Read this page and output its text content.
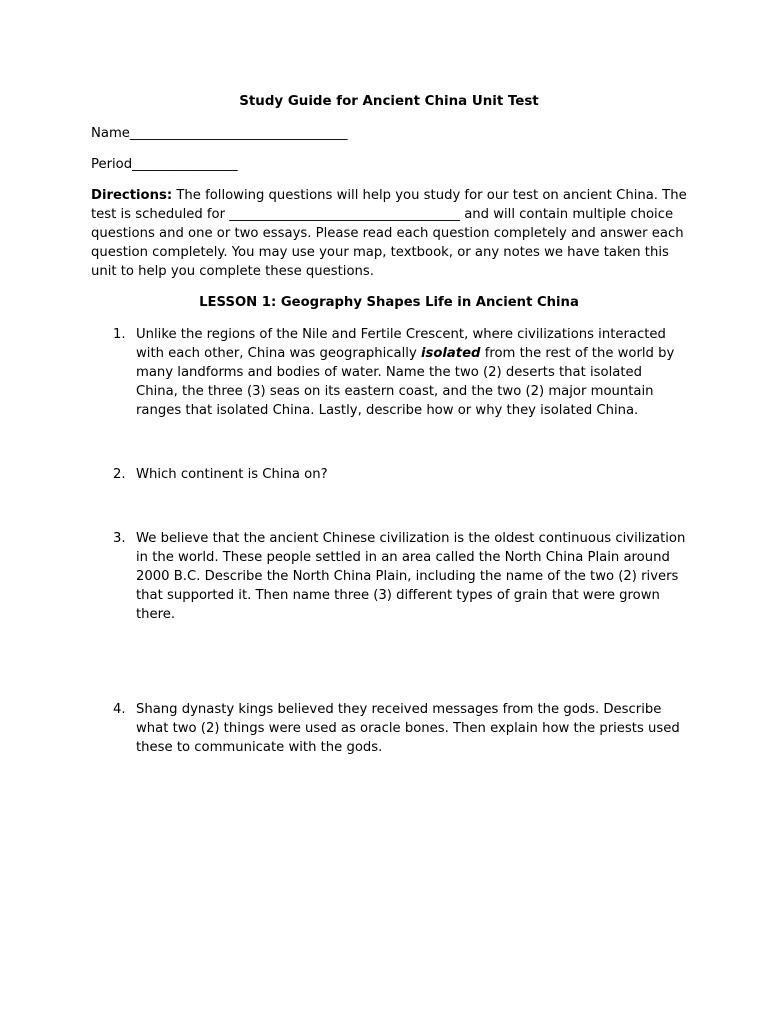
Study Guide for Ancient China Unit Test
Name_________________________________
Period________________
Directions: The following questions will help you study for our test on ancient China. The test is scheduled for ___________________________________ and will contain multiple choice questions and one or two essays. Please read each question completely and answer each question completely. You may use your map, textbook, or any notes we have taken this unit to help you complete these questions.
LESSON 1: Geography Shapes Life in Ancient China
1. Unlike the regions of the Nile and Fertile Crescent, where civilizations interacted with each other, China was geographically isolated from the rest of the world by many landforms and bodies of water. Name the two (2) deserts that isolated China, the three (3) seas on its eastern coast, and the two (2) major mountain ranges that isolated China. Lastly, describe how or why they isolated China.
2. Which continent is China on?
3. We believe that the ancient Chinese civilization is the oldest continuous civilization in the world. These people settled in an area called the North China Plain around 2000 B.C. Describe the North China Plain, including the name of the two (2) rivers that supported it. Then name three (3) different types of grain that were grown there.
4. Shang dynasty kings believed they received messages from the gods. Describe what two (2) things were used as oracle bones. Then explain how the priests used these to communicate with the gods.
